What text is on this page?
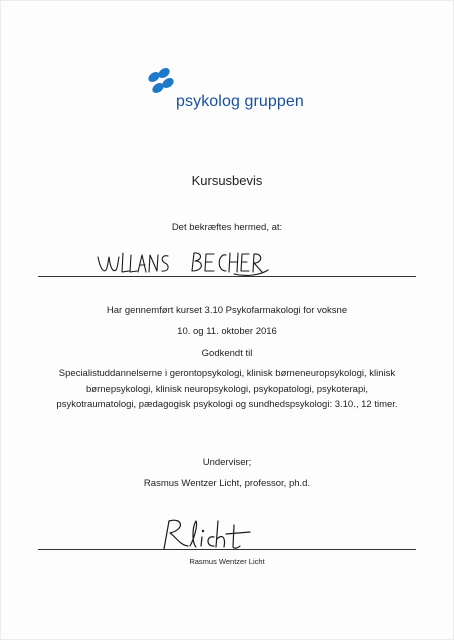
psykolog gruppen
Kursusbevis
Det bekræftes hermed, at:
Har gennemført kurset 3.10 Psykofarmakologi for voksne
10. og 11. oktober 2016
Godkendt til
Specialistuddannelserne i gerontopsykologi, klinisk børneneuropsykologi, klinisk
børnepsykologi, klinisk neuropsykologi, psykopatologi, psykoterapi,
psykotraumatologi, pædagogisk psykologi og sundhedspsykologi: 3.10., 12 timer.
Underviser;
Rasmus Wentzer Licht, professor, ph.d.
Rasmus Wentzer Licht
